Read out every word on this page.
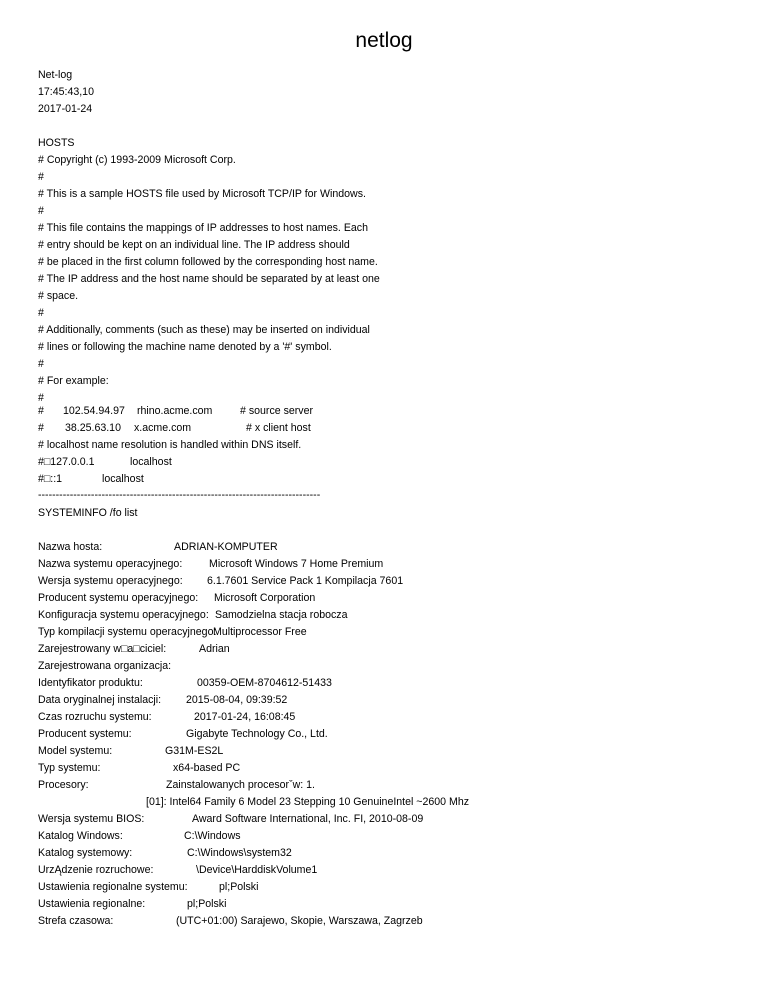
netlog
Net-log
17:45:43,10
2017-01-24
HOSTS
# Copyright (c) 1993-2009 Microsoft Corp.
#
# This is a sample HOSTS file used by Microsoft TCP/IP for Windows.
#
# This file contains the mappings of IP addresses to host names. Each
# entry should be kept on an individual line. The IP address should
# be placed in the first column followed by the corresponding host name.
# The IP address and the host name should be separated by at least one
# space.
#
# Additionally, comments (such as these) may be inserted on individual
# lines or following the machine name denoted by a '#' symbol.
#
# For example:
#
# 102.54.94.97 rhino.acme.com	# source server
# 38.25.63.10 x.acme.com	# x client host
# localhost name resolution is handled within DNS itself.
#□127.0.0.1	localhost
#□::1	localhost
--------------------------------------------------------------------------------
SYSTEMINFO /fo list
Nazwa hosta:	ADRIAN-KOMPUTER
Nazwa systemu operacyjnego:	Microsoft Windows 7 Home Premium
Wersja systemu operacyjnego: 6.1.7601 Service Pack 1 Kompilacja 7601
Producent systemu operacyjnego: Microsoft Corporation
Konfiguracja systemu operacyjnego: Samodzielna stacja robocza
Typ kompilacji systemu operacyjnego:
Multiprocessor Free
Zarejestrowany w□a□ciciel:	Adrian
Zarejestrowana organizacja:
Identyfikator produktu:	00359-OEM-8704612-51433
Data oryginalnej instalacji: 2015-08-04, 09:39:52
Czas rozruchu systemu:	2017-01-24, 16:08:45
Producent systemu:	Gigabyte Technology Co., Ltd.
Model systemu:	G31M-ES2L
Typ systemu:	x64-based PC
Procesory:	Zainstalowanych procesorˇw: 1.
[01]: Intel64 Family 6 Model 23 Stepping 10 GenuineIntel ~2600 Mhz
Wersja systemu BIOS:	Award Software International, Inc. FI, 2010-08-09
Katalog Windows:	C:\Windows
Katalog systemowy:	C:\Windows\system32
UrzĄdzenie rozruchowe:	\Device\HarddiskVolume1
Ustawienia regionalne systemu:	pl;Polski
Ustawienia regionalne:	pl;Polski
Strefa czasowa:	(UTC+01:00) Sarajewo, Skopie, Warszawa, Zagrzeb
